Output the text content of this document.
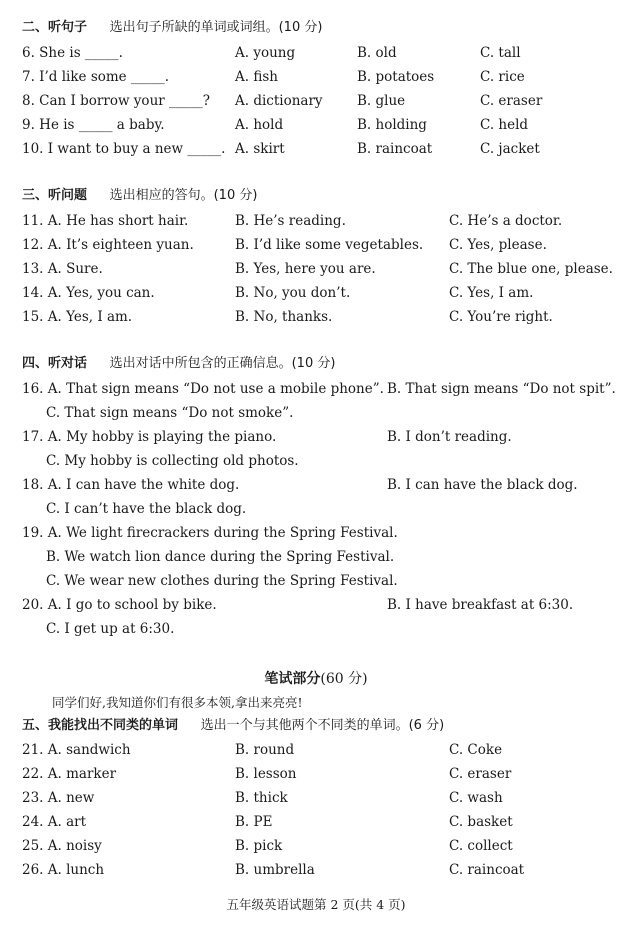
二、听句子 选出句子所缺的单词或词组。(10 分)
6. She is _____.	A. young	B. old	C. tall
7. I’d like some _____.	A. fish	B. potatoes	C. rice
8. Can I borrow your _____? A. dictionary	B. glue	C. eraser
9. He is _____ a baby.	A. hold	B. holding	C. held
10. I want to buy a new _____. A. skirt	B. raincoat	C. jacket
三、听问题 选出相应的答句。(10 分)
11. A. He has short hair.	B. He’s reading.	C. He’s a doctor.
12. A. It’s eighteen yuan.	B. I’d like some vegetables. C. Yes, please.
13. A. Sure.	B. Yes, here you are.	C. The blue one, please.
14. A. Yes, you can.	B. No, you don’t.	C. Yes, I am.
15. A. Yes, I am.	B. No, thanks.	C. You’re right.
四、听对话 选出对话中所包含的正确信息。(10 分)
16. A. That sign means “Do not use a mobile phone”. B. That sign means “Do not spit”.
C. That sign means “Do not smoke”.
17. A. My hobby is playing the piano.	B. I don’t reading.
C. My hobby is collecting old photos.
18. A. I can have the white dog.	B. I can have the black dog.
C. I can’t have the black dog.
19. A. We light firecrackers during the Spring Festival.
B. We watch lion dance during the Spring Festival.
C. We wear new clothes during the Spring Festival.
20. A. I go to school by bike.	B. I have breakfast at 6:30.
C. I get up at 6:30.
笔试部分(60 分)
同学们好,我知道你们有很多本领,拿出来亮亮!
五、我能找出不同类的单词 选出一个与其他两个不同类的单词。(6 分)
21. A. sandwich	B. round	C. Coke
22. A. marker	B. lesson	C. eraser
23. A. new	B. thick	C. wash
24. A. art	B. PE	C. basket
25. A. noisy	B. pick	C. collect
26. A. lunch	B. umbrella	C. raincoat
五年级英语试题第 2 页(共 4 页)
